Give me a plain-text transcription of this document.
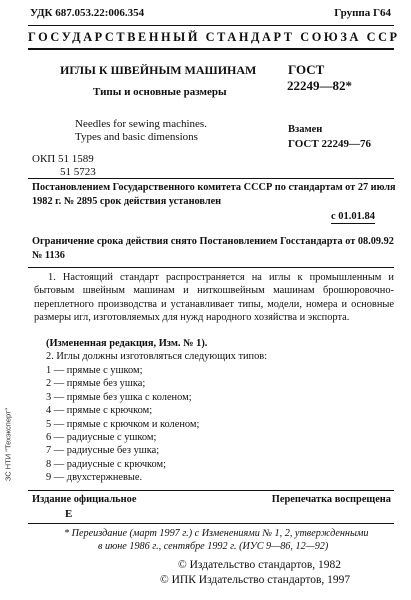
УДК 687.053.22:006.354	Группа Г64
ГОСУДАРСТВЕННЫЙ СТАНДАРТ СОЮЗА ССР
ИГЛЫ К ШВЕЙНЫМ МАШИНАМ
Типы и основные размеры
Needles for sewing machines.
Types and basic dimensions
ОКП 51 1589
51 5723
ГОСТ
22249—82*
Взамен
ГОСТ 22249—76
Постановлением Государственного комитета СССР по стандартам от 27 июля
1982 г. № 2895 срок действия установлен
с 01.01.84
Ограничение срока действия снято Постановлением Госстандарта от 08.09.92
№ 1136
1. Настоящий стандарт распространяется на иглы к промышленным и бытовым швейным машинам и ниткошвейным машинам брошюровочно-переплетного производства и устанавливает типы, модели, номера и основные размеры игл, изготовляемых для нужд народного хозяйства и экспорта.
(Измененная редакция, Изм. № 1).
2. Иглы должны изготовляться следующих типов:
1 — прямые с ушком;
2 — прямые без ушка;
3 — прямые без ушка с коленом;
4 — прямые с крючком;
5 — прямые с крючком и коленом;
6 — радиусные с ушком;
7 — радиусные без ушка;
8 — радиусные с крючком;
9 — двухстержневые.
Издание официальное
Е
Перепечатка воспрещена
* Переиздание (март 1997 г.) с Изменениями № 1, 2, утвержденными
в июне 1986 г., сентябре 1992 г. (ИУС 9—86, 12—92)
© Издательство стандартов, 1982
© ИПК Издательство стандартов, 1997
ЗС НТИ "Техэксперт"
